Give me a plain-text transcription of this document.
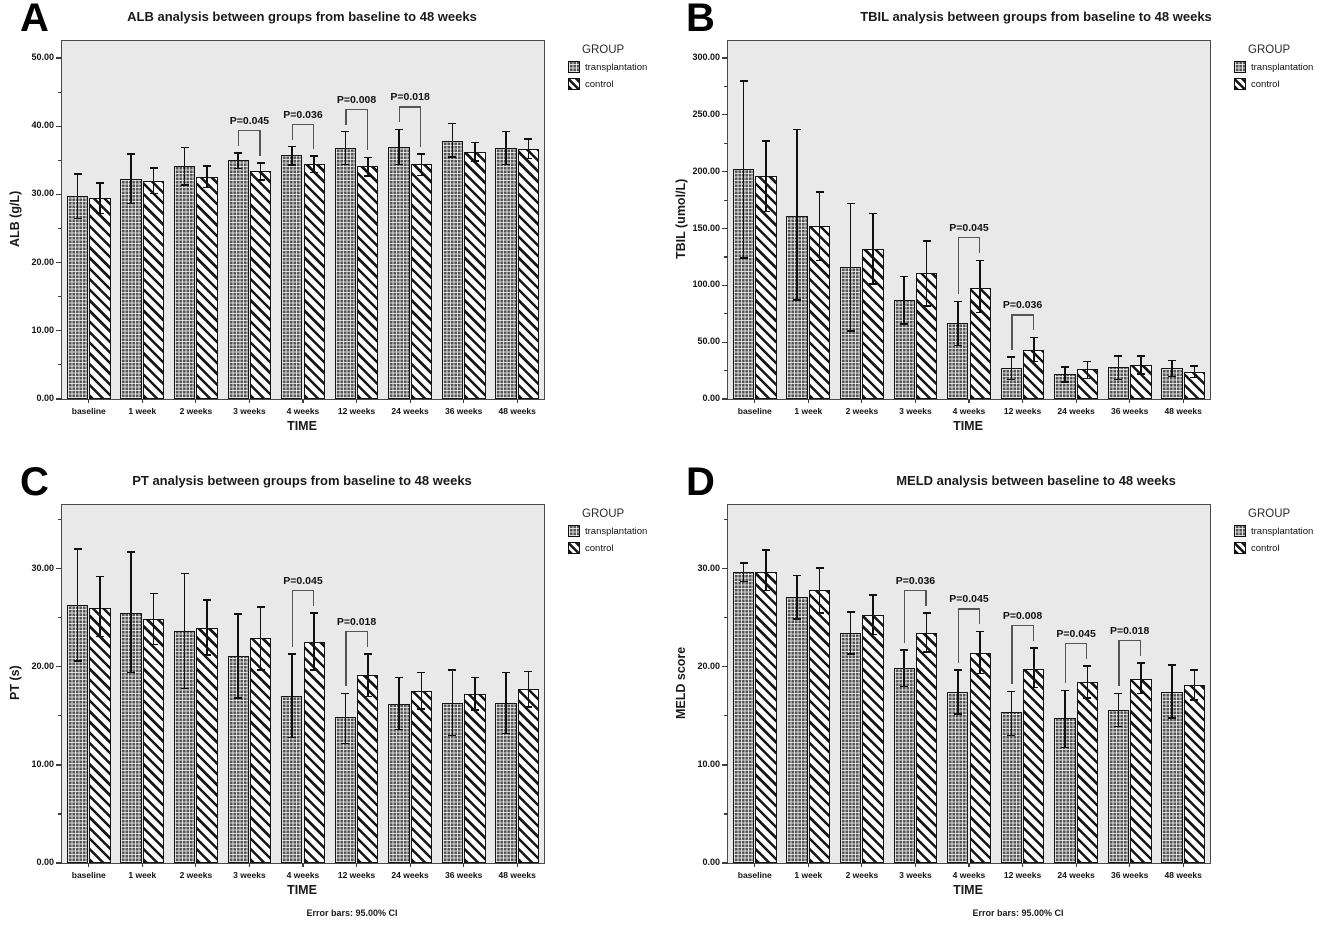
A	ALB analysis between groups from baseline to 48 weeks
ALB (g/L)
0.00
10.00
20.00
30.00
40.00
50.00
baseline	1 week	2 weeks	3 weeks	4 weeks	12 weeks	24 weeks	36 weeks	48 weeks
P=0.045
P=0.036
P=0.008	P=0.018
TIME
GROUP
transplantation
control
B	TBIL analysis between groups from baseline to 48 weeks
TBIL (umol/L)
0.00
50.00
100.00
150.00
200.00
250.00
300.00
baseline	1 week	2 weeks	3 weeks	4 weeks	12 weeks	24 weeks	36 weeks	48 weeks
P=0.045
P=0.036
TIME
GROUP
transplantation
control
C	PT analysis between groups from baseline to 48 weeks
PT (s)
0.00
10.00
20.00
30.00
baseline	1 week	2 weeks	3 weeks	4 weeks	12 weeks	24 weeks	36 weeks	48 weeks
P=0.045
P=0.018
TIME
Error bars: 95.00% CI
GROUP
transplantation
control
D	MELD analysis between baseline to 48 weeks
MELD score
0.00
10.00
20.00
30.00
baseline	1 week	2 weeks	3 weeks	4 weeks	12 weeks	24 weeks	36 weeks	48 weeks
P=0.036
P=0.045
P=0.008
P=0.045	P=0.018
TIME
Error bars: 95.00% CI
GROUP
transplantation
control
